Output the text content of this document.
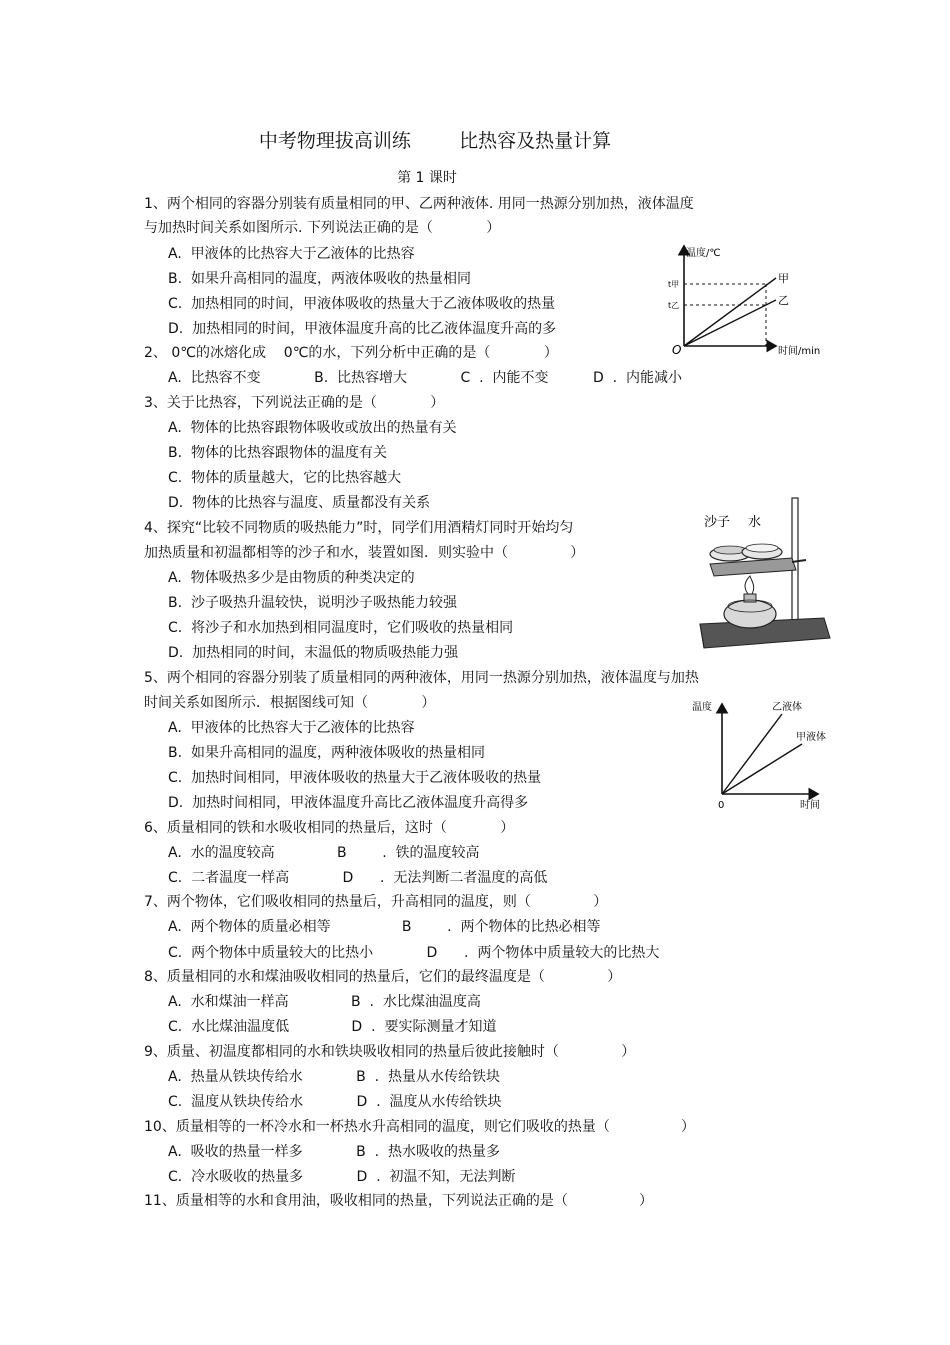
中考物理拔高训练        比热容及热量计算
第 1 课时
1、两个相同的容器分别装有质量相同的甲、乙两种液体. 用同一热源分别加热，液体温度
与加热时间关系如图所示. 下列说法正确的是（            ）
A.  甲液体的比热容大于乙液体的比热容
B.  如果升高相同的温度，两液体吸收的热量相同
C.  加热相同的时间，甲液体吸收的热量大于乙液体吸收的热量
D.  加热相同的时间，甲液体温度升高的比乙液体温度升高的多
2、 0℃的冰熔化成    0℃的水，下列分析中正确的是（            ）
A.  比热容不变            B.  比热容增大            C  .  内能不变          D  .  内能减小
3、关于比热容，下列说法正确的是（            ）
A.  物体的比热容跟物体吸收或放出的热量有关
B.  物体的比热容跟物体的温度有关
C.  物体的质量越大，它的比热容越大
D.  物体的比热容与温度、质量都没有关系
4、探究“比较不同物质的吸热能力”时，同学们用酒精灯同时开始均匀
加热质量和初温都相等的沙子和水，装置如图．则实验中（              ）
A.  物体吸热多少是由物质的种类决定的
B.  沙子吸热升温较快，说明沙子吸热能力较强
C.  将沙子和水加热到相同温度时，它们吸收的热量相同
D.  加热相同的时间，末温低的物质吸热能力强
5、两个相同的容器分别装了质量相同的两种液体，用同一热源分别加热，液体温度与加热
时间关系如图所示．根据图线可知（            ）
A.  甲液体的比热容大于乙液体的比热容
B.  如果升高相同的温度，两种液体吸收的热量相同
C.  加热时间相同，甲液体吸收的热量大于乙液体吸收的热量
D.  加热时间相同，甲液体温度升高比乙液体温度升高得多
6、质量相同的铁和水吸收相同的热量后，这时（            ）
A.  水的温度较高              B        .  铁的温度较高
C.  二者温度一样高            D      .  无法判断二者温度的高低
7、两个物体，它们吸收相同的热量后，升高相同的温度，则（              ）
A.  两个物体的质量必相等                B        .  两个物体的比热必相等
C.  两个物体中质量较大的比热小            D      .  两个物体中质量较大的比热大
8、质量相同的水和煤油吸收相同的热量后，它们的最终温度是（              ）
A.  水和煤油一样高              B  .  水比煤油温度高
C.  水比煤油温度低              D  .  要实际测量才知道
9、质量、初温度都相同的水和铁块吸收相同的热量后彼此接触时（              ）
A.  热量从铁块传给水            B  .  热量从水传给铁块
C.  温度从铁块传给水            D  .  温度从水传给铁块
10、质量相等的一杯冷水和一杯热水升高相同的温度，则它们吸收的热量（                ）
A.  吸收的热量一样多            B  .  热水吸收的热量多
C.  冷水吸收的热量多            D  .  初温不知，无法判断
11、质量相等的水和食用油，吸收相同的热量，下列说法正确的是（                ）
温度/℃
时间/min
O
甲
乙
t甲
t乙
沙子 水
温度
时间
0
乙液体
甲液体
